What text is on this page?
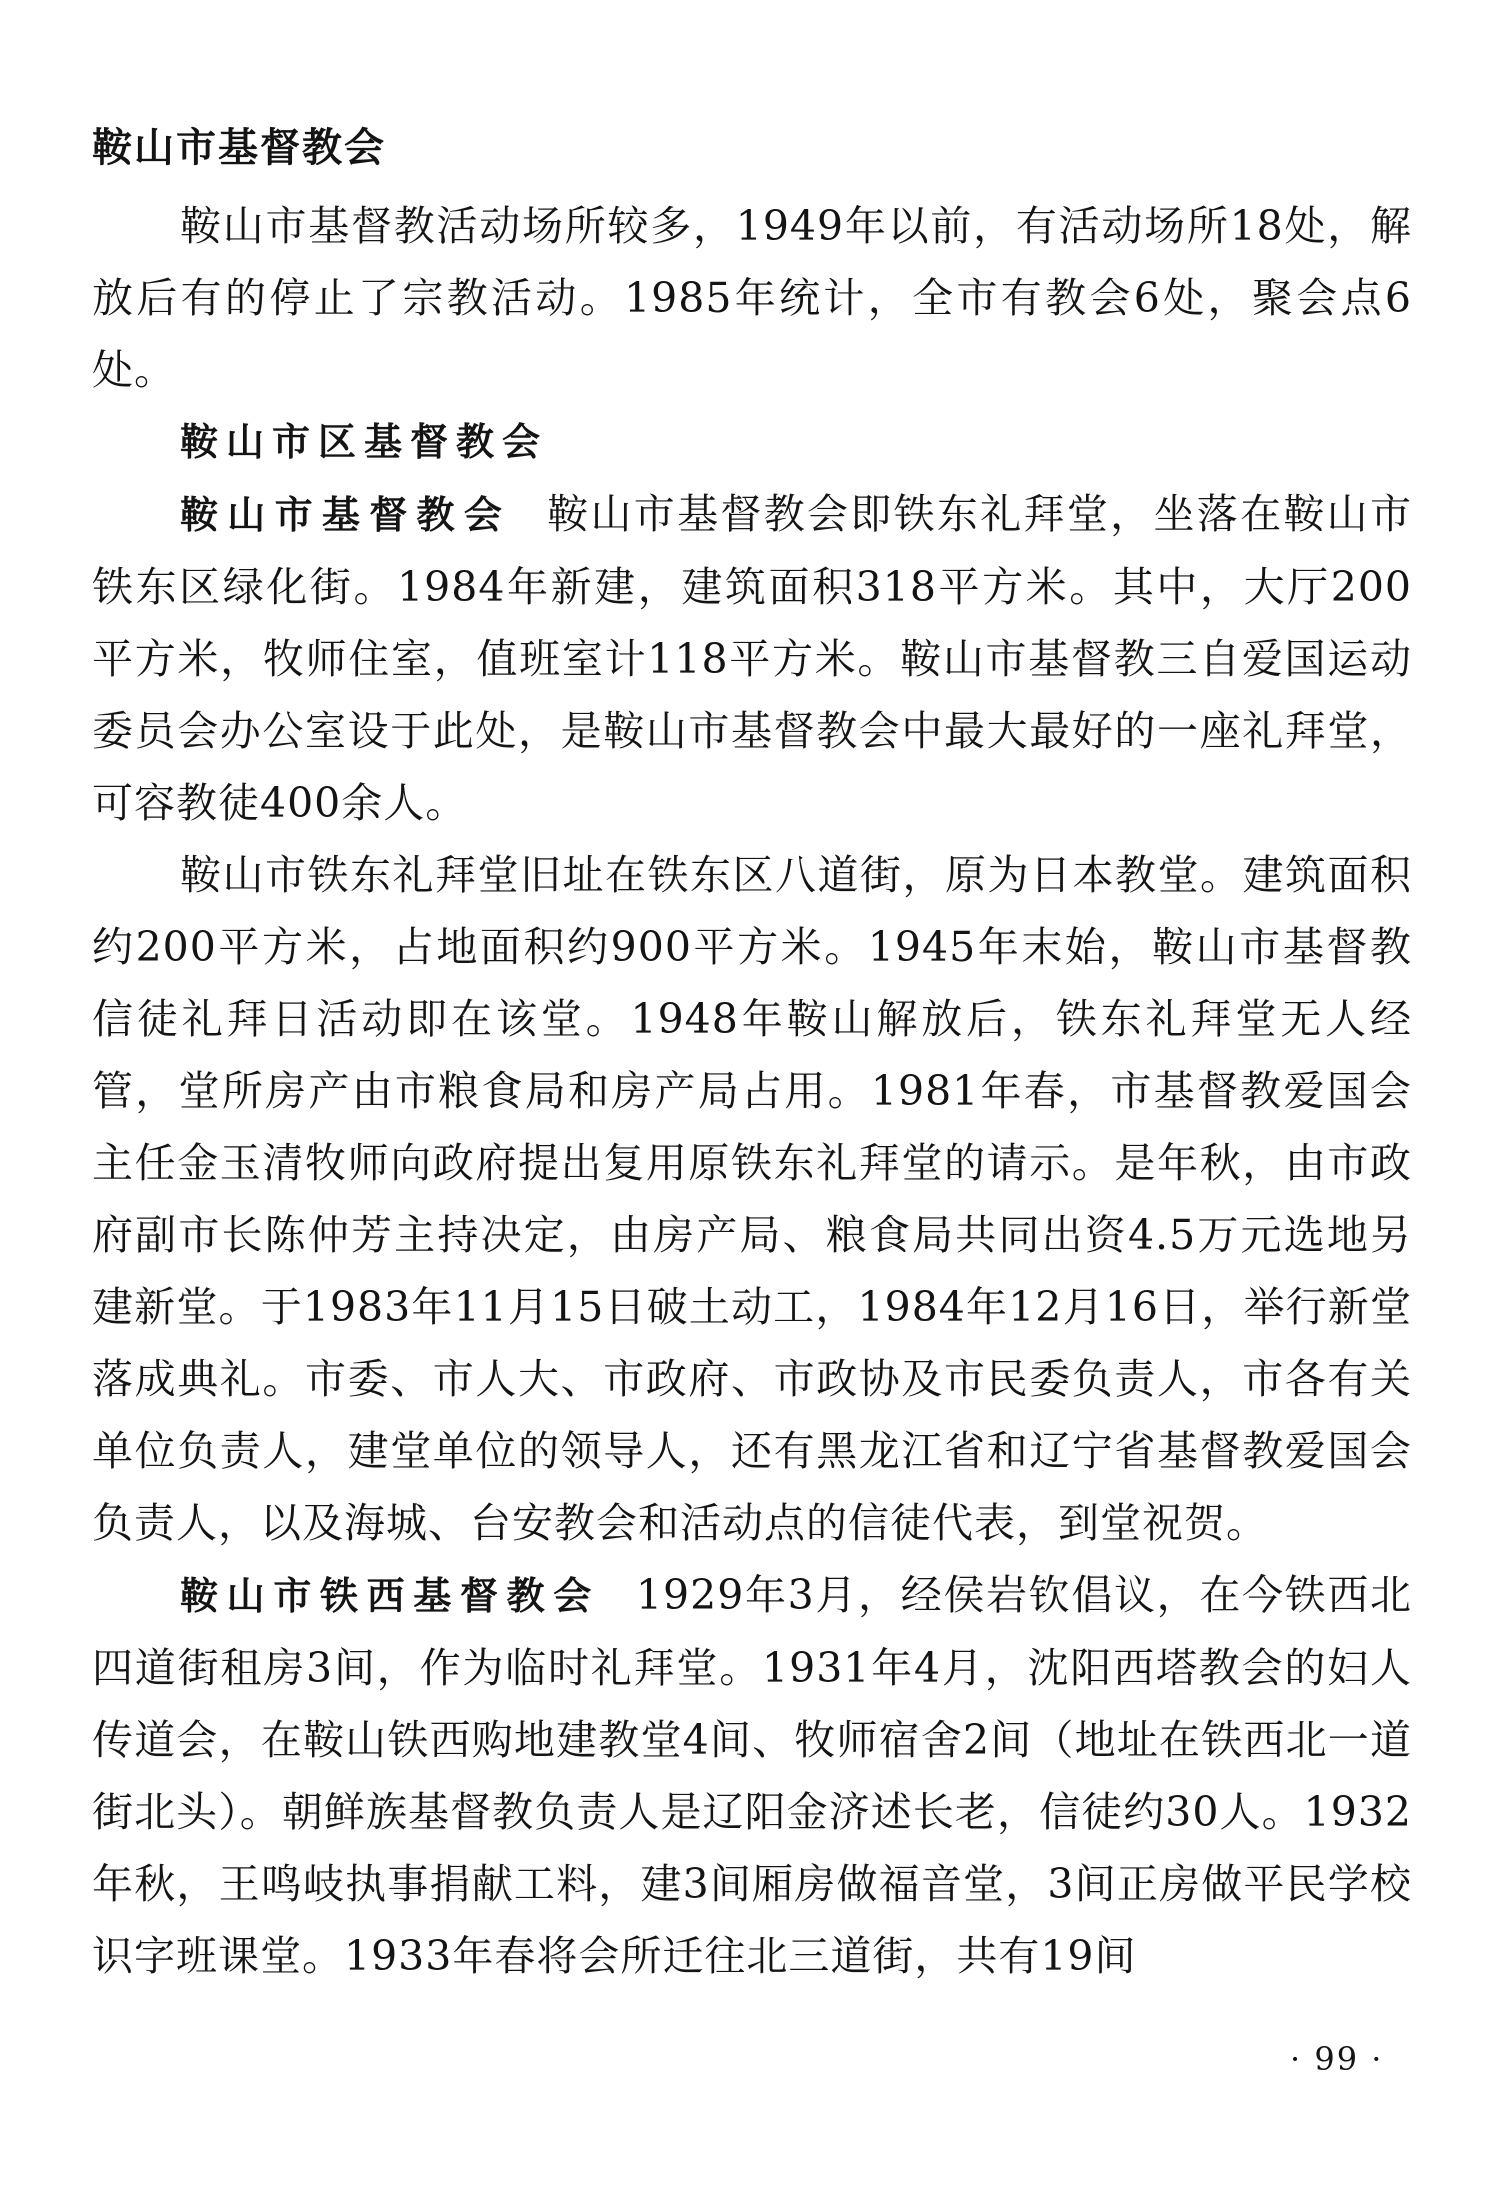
鞍山市基督教会

鞍山市基督教活动场所较多，1949年以前，有活动场所18处，解放后有的停止了宗教活动。1985年统计，全市有教会6处，聚会点6处。

鞍山市区基督教会

鞍山市基督教会 鞍山市基督教会即铁东礼拜堂，坐落在鞍山市铁东区绿化街。1984年新建，建筑面积318平方米。其中，大厅200平方米，牧师住室，值班室计118平方米。鞍山市基督教三自爱国运动委员会办公室设于此处，是鞍山市基督教会中最大最好的一座礼拜堂，可容教徒400余人。

鞍山市铁东礼拜堂旧址在铁东区八道街，原为日本教堂。建筑面积约200平方米，占地面积约900平方米。1945年末始，鞍山市基督教信徒礼拜日活动即在该堂。1948年鞍山解放后，铁东礼拜堂无人经管，堂所房产由市粮食局和房产局占用。1981年春，市基督教爱国会主任金玉清牧师向政府提出复用原铁东礼拜堂的请示。是年秋，由市政府副市长陈仲芳主持决定，由房产局、粮食局共同出资4.5万元选地另建新堂。于1983年11月15日破土动工，1984年12月16日，举行新堂落成典礼。市委、市人大、市政府、市政协及市民委负责人，市各有关单位负责人，建堂单位的领导人，还有黑龙江省和辽宁省基督教爱国会负责人，以及海城、台安教会和活动点的信徒代表，到堂祝贺。

鞍山市铁西基督教会 1929年3月，经侯岩钦倡议，在今铁西北四道街租房3间，作为临时礼拜堂。1931年4月，沈阳西塔教会的妇人传道会，在鞍山铁西购地建教堂4间、牧师宿舍2间（地址在铁西北一道街北头）。朝鲜族基督教负责人是辽阳金济述长老，信徒约30人。1932年秋，王鸣岐执事捐献工料，建3间厢房做福音堂，3间正房做平民学校识字班课堂。1933年春将会所迁往北三道街，共有19间

· 99 ·
